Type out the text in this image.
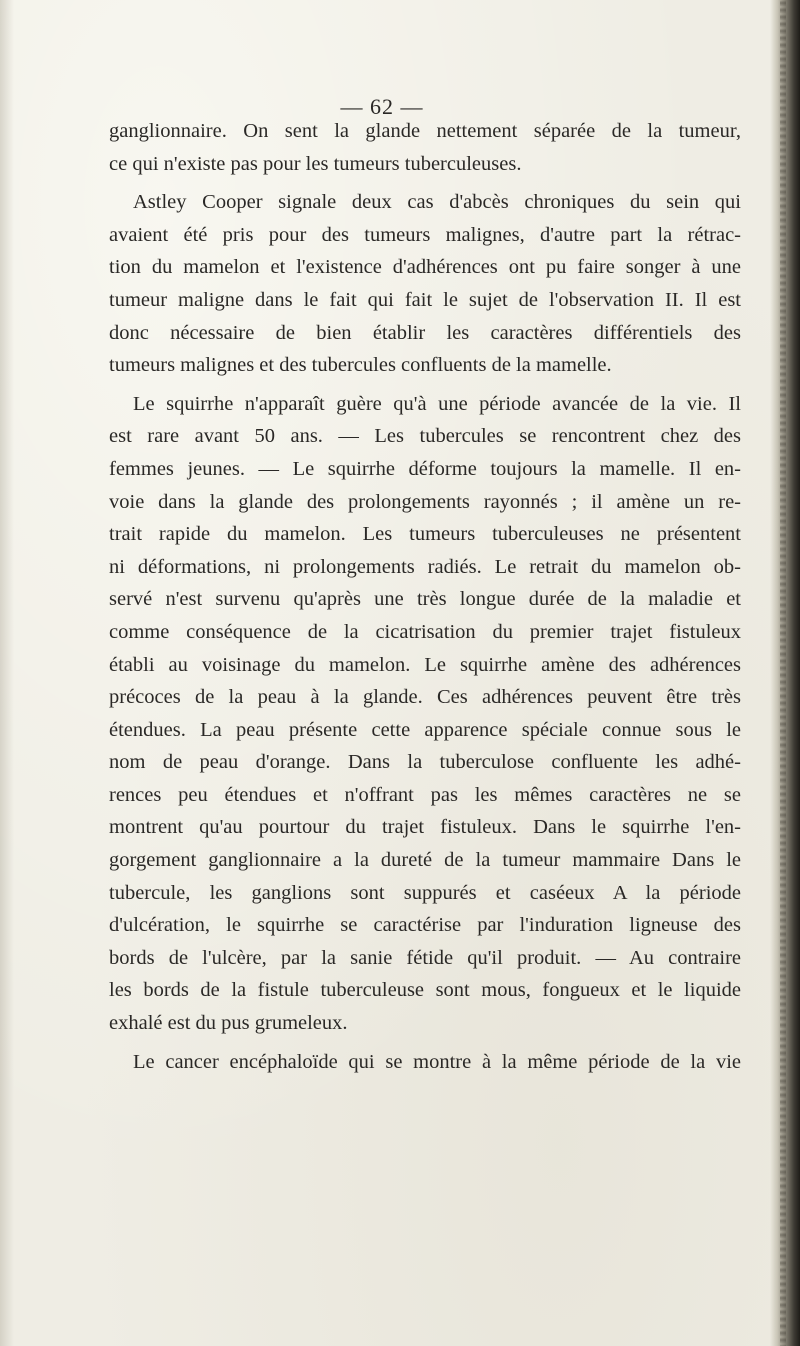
— 62 —
ganglionnaire. On sent la glande nettement séparée de la tumeur,
ce qui n'existe pas pour les tumeurs tuberculeuses.
Astley Cooper signale deux cas d'abcès chroniques du sein qui
avaient été pris pour des tumeurs malignes, d'autre part la rétrac-
tion du mamelon et l'existence d'adhérences ont pu faire songer à une
tumeur maligne dans le fait qui fait le sujet de l'observation II. Il est
donc nécessaire de bien établir les caractères différentiels des
tumeurs malignes et des tubercules confluents de la mamelle.
Le squirrhe n'apparaît guère qu'à une période avancée de la vie. Il
est rare avant 50 ans. — Les tubercules se rencontrent chez des
femmes jeunes. — Le squirrhe déforme toujours la mamelle. Il en-
voie dans la glande des prolongements rayonnés ; il amène un re-
trait rapide du mamelon. Les tumeurs tuberculeuses ne présentent
ni déformations, ni prolongements radiés. Le retrait du mamelon ob-
servé n'est survenu qu'après une très longue durée de la maladie et
comme conséquence de la cicatrisation du premier trajet fistuleux
établi au voisinage du mamelon. Le squirrhe amène des adhérences
précoces de la peau à la glande. Ces adhérences peuvent être très
étendues. La peau présente cette apparence spéciale connue sous le
nom de peau d'orange. Dans la tuberculose confluente les adhé-
rences peu étendues et n'offrant pas les mêmes caractères ne se
montrent qu'au pourtour du trajet fistuleux. Dans le squirrhe l'en-
gorgement ganglionnaire a la dureté de la tumeur mammaire Dans le
tubercule, les ganglions sont suppurés et caséeux A la période
d'ulcération, le squirrhe se caractérise par l'induration ligneuse des
bords de l'ulcère, par la sanie fétide qu'il produit. — Au contraire
les bords de la fistule tuberculeuse sont mous, fongueux et le liquide
exhalé est du pus grumeleux.
Le cancer encéphaloïde qui se montre à la même période de la vie
